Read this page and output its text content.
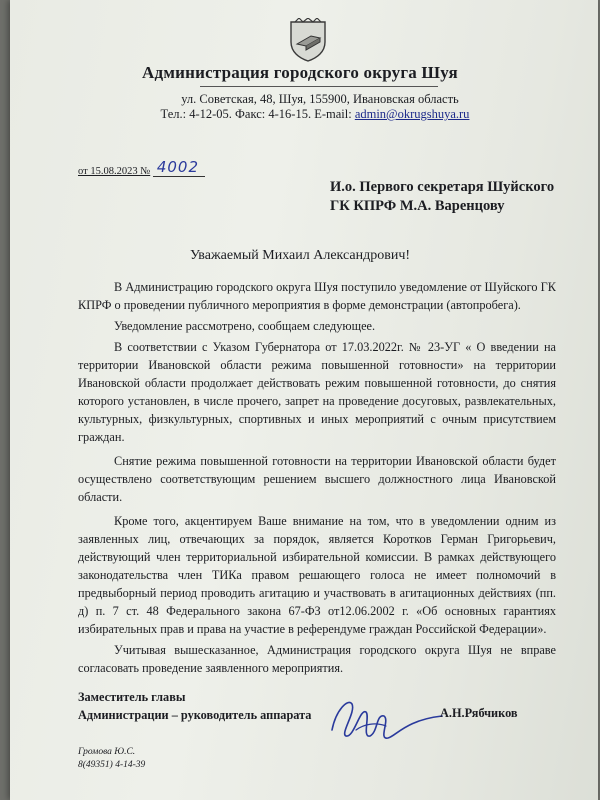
Администрация городского округа Шуя
ул. Советская, 48, Шуя, 155900, Ивановская область
Тел.: 4-12-05. Факс: 4-16-15. E-mail: admin@okrugshuya.ru
от 15.08.2023 № 4002
И.о. Первого секретаря Шуйского
ГК КПРФ М.А. Варенцову
Уважаемый Михаил Александрович!

В Администрацию городского округа Шуя поступило уведомление от Шуйского ГК КПРФ о проведении публичного мероприятия в форме демонстрации (автопробега).

Уведомление рассмотрено, сообщаем следующее.

В соответствии с Указом Губернатора от 17.03.2022г. № 23-УГ « О введении на территории Ивановской области режима повышенной готовности» на территории Ивановской области продолжает действовать режим повышенной готовности, до снятия которого установлен, в числе прочего, запрет на проведение досуговых, развлекательных, культурных, физкультурных, спортивных и иных мероприятий с очным присутствием граждан.

Снятие режима повышенной готовности на территории Ивановской области будет осуществлено соответствующим решением высшего должностного лица Ивановской области.

Кроме того, акцентируем Ваше внимание на том, что в уведомлении одним из заявленных лиц, отвечающих за порядок, является Коротков Герман Григорьевич, действующий член территориальной избирательной комиссии. В рамках действующего законодательства член ТИКа правом решающего голоса не имеет полномочий в предвыборный период проводить агитацию и участвовать в агитационных действиях (пп. д) п. 7 ст. 48 Федерального закона 67-ФЗ от12.06.2002 г. «Об основных гарантиях избирательных прав и права на участие в референдуме граждан Российской Федерации».

Учитывая вышесказанное, Администрация городского округа Шуя не вправе согласовать проведение заявленного мероприятия.

Заместитель главы
Администрации – руководитель аппарата	А.Н.Рябчиков
Громова Ю.С.
8(49351) 4-14-39
